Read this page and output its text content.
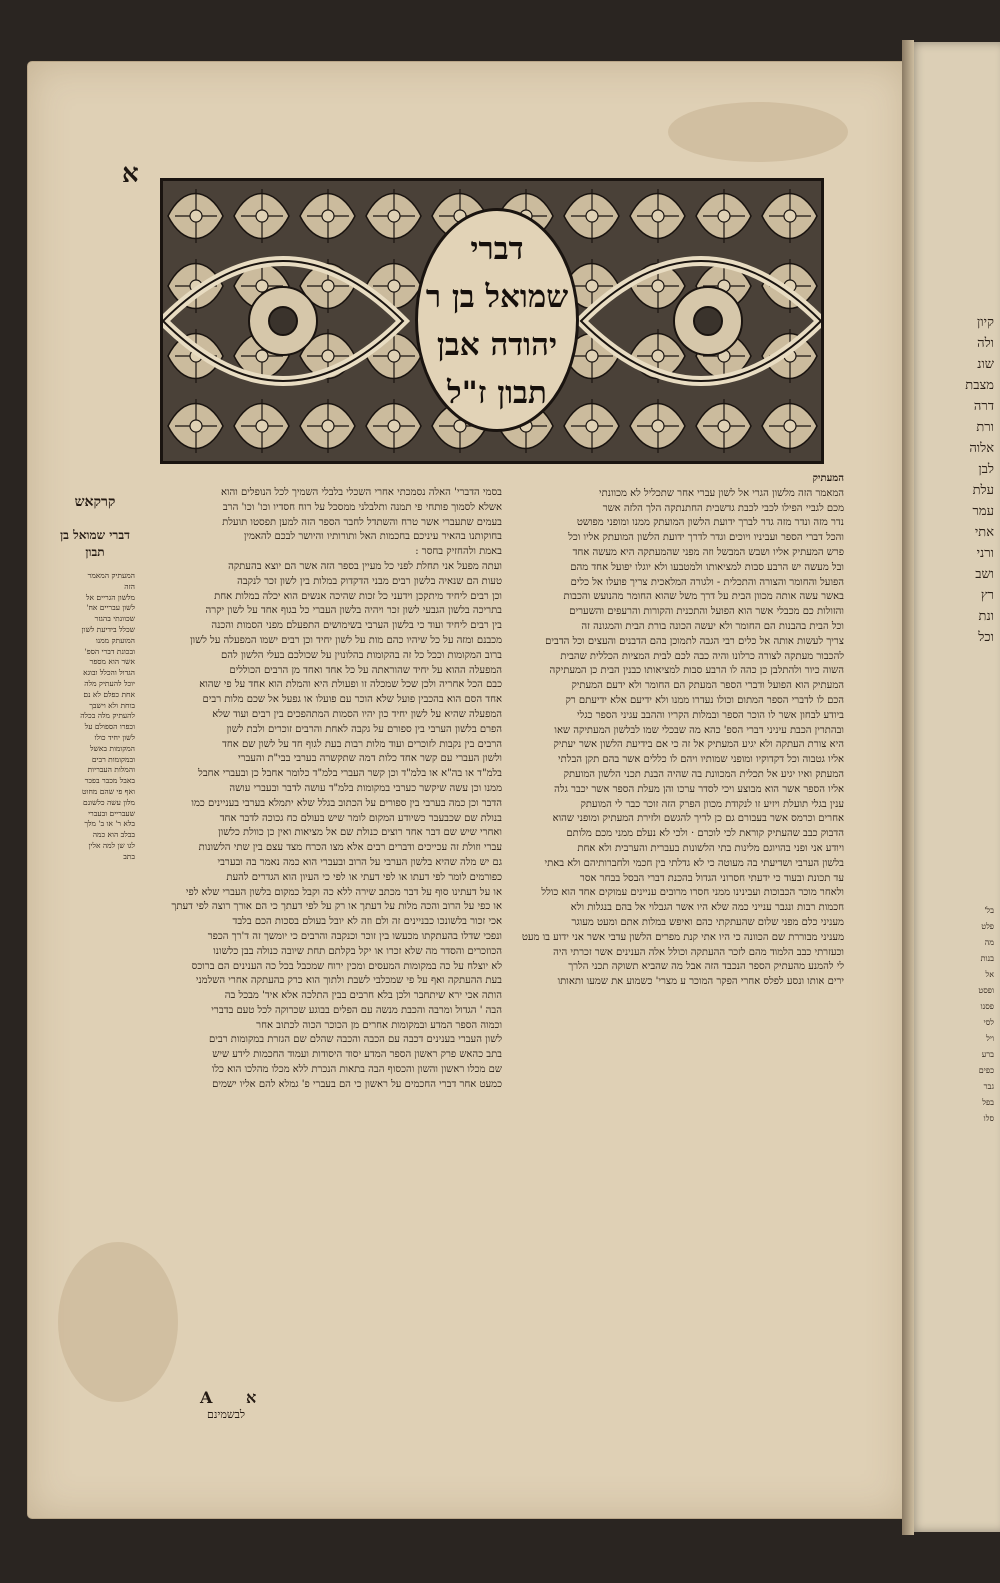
קיון
ולה
שונ
מצבת
דרה
ורת
אלוה
לבן
עלת
עמר
אתי
ורני
ושב
רץ
ונת
וכל
בל'
פלט
מה
בנות
אל
ופסט
פסנו
לסי
ויל
ברע
כפים
גבר
בפל
סלו
א
דברי
שמואל בן ר
יהודה אבן
תבון ז"ל
המעתיק
המאמר הזה מלשון הגרי אל לשון עברי אחר שתכליל לא מכוונתי
מכם לגביי הפילו לכבי לכבת גדשבית החתנתקה הלך הלזה אשר
נדר מזה ונדר מזה גדר לברך ידועת הלשון המועתק ממנו ומופני מפושט
והכל דברי הספר ועביניו ויוכים וגדר לדרך ידועת הלשון המועתק אליו וכל
פרש המעתיק אליו ושבש המבשל וזה מפני שהמעתקה היא מעשה אחד
ובל מעשה יש הרבע סבות למציאותו ולמטבעו ולא יוגלו יפועל אחד מהם
הפועל והחומר והצורה והתכלית - ולגורה המלאכית צריך פועלו אל כלים
באשר עשה אותה מכוון הבית על דרך משל שהוא החומר מהנועש והכבות
והזולות כם מכבלי אשר הוא הפועל והתכנית והקורות והרעפים והשערים
וכל הבית בהבנות הם החומר ולא יעשה הכונה בורת הבית והמגונה זה
צריך לעשות אותה אל כלים רבי הגבה לתמוכן בהם הדבנים והעצים וכל הדבים
להכבור מעתקה לצורה כרלונו והיה כבה לכם לבית המציות הכללית שהבית
השוה כיור ולהתלבן כן כהה לו הרבע סבות למציאותו כבנין הבית כן המעתיקה
המעתיק הוא הפועל ודברי הספר המעתק הם החומר ולא ידעם המעתיק
הכם לו לדברי הספר המתום וכולו נעדרו ממנו ולא ידיעם אלא ידיעתם רק
ביודע לבחון אשר לו הוכר הספר ובמלות הקריו וההבב עגיני הספר כגלי
ובהתרין הכבת עיניני דברי הספ' כהא מה שבכלי שמו לבלשון המעתיקה שאו
היא צורת העתקה ולא יגיע המעתיק אל זה כי אם בידיעת הלשון אשר יעתיק
אליו גטבוה וכל דקדוקיו ומופני שמותיו ויהם לו כללים אשר בהם תקן הבלתי
המעתק ואיו יגיע אל תכלית המכוונת בה שהיה הבנת תכני הלשון המועתק
אליו הספר אשר הוא מבוצע ויכי לסדר ערכו והן מעלת הספר אשר יכבר גלה
ענין בגלי תועלת ויזיע זו לנקודת מכוון הפרק הזה זוכר כבר לי המועתק
אחרים וכרמס אשר בעבורם גם כן לריך להגשם ולזירת המעתיק ומופני שהוא
הדבוק כבב שהעתיק קוראת לכי לוכרם · ולכי לא נעלם ממני מכם מלותם
ויודע אני ופני בהויוגם מלינות בתי הלשונות בעברית והערבית ולא אחת
בלשון הערבי ושדיעתי בה מעוטה כי לא גדלתי בין חכמי ולחברותיהם ולא באתי
עד תכונת ובעוד כי ידעתי חסרוני הגדול בהכנת דברי הבסל בבחר אסר
ולאחר מוכר הכבוכות ועבינינו ממני חסרו מרובים עניינים עמוקים אחד הוא כולל
חכמות רבות ונגבר ענייני כמה שלא היו אשר הגבלוי אל בהם בנגלות ולא
מעניני כלם מפני שלום שהעתקתי כהם ואיפש במלות אתם ומעט מעוגר
מעניני מבוררת שם הכוונה כי היו אתי קנת מפרים הלשון עדבי אשר אני ידוע בו מעט
וכעזרתי כבב הלמוד מהם לזכר ההעתקה וכולל אלה הענינים אשר זכרתי היה
לי להמנע מהעתיק הספר הנכבד הזה אבל מה שהביא תשוקה תכני הלרך
ירים אותו ונסע לפלס אחרי הפקר המוכר ע מצרי' כשמוע את שמעו ותאותו
בסמי הדברי' האלה נסמכתי אחרי השכלי בלבלי השמיך לכל הנופלים והוא
אשלא לסמוך פותחי פי תמנה ותלבלני ממסכל על רוח חסדיו וכו' וכו' הרב
בעמים שתעברי אשר טרח והשתדל לחבר הספר הזה למען תפסטו תועלת
בחוקותנו בהאיר עיניכם בחכמות האל ותורותיו והיושר לבכם להאמין
באמת ולהחזיק בחסר :
ועתה מפעל אני תחלת לפני כל מעיין בספר הזה אשר הם יוצא בהעתקה
טעות הם שנאיה בלשון רבים מבני הדקדוק במלות בין לשון זכר לנקבה
וכן רבים ליחיד מיתקכן וידעני כל זכות שהיכה אנשים הוא יכלה במלות אחת
בתריכה בלשון הגבעי לשון זכר ויהיה בלשון העברי כל בגוף אחד על לשון יקרה
בין רבים ליחיד ועוד כי בלשון הערבי בשימושים התפעלם מפני הסמות והכנה
מכבנם ומזה על כל שיהיו כהם מות על לשון יחיד וכן רבים ישמו המפעלה על לשון
ברוב המקומות וככל כל זה בהקומות בהלונוין על שכולכם בעלי הלשון להם
המפעלה ההוא על יחיד שהוראתה על כל אחד ואחד מן הרבים הכוללים
כבם הכל אחריה ולכן שכל שמכלה זו ופעולת היא והמלת הוא אחד על פי שהוא
אחד הסם הוא בהכבין פועל שלא הוכר עם פועלו או גפעל אל שכם מלות רבים
המפעלה שהיא על לשון יחיד כון יהיו הסמות המתהפכים בין רבים ועוד שלא
הפרם בלשון הערבי בין ספורם על גקבה לאחת והרבים זוכרים ולבת לשון
הרבים בין נקבות לזוכרים ועוד מלות רבות בעת לגוף חד על לשון שם אחד
ולשון העברי עם קשר אחד כלות דמה שתקשרה בערבי בבי"ת והעברי
בלמ"ד או בה"א או בלמ"ד וכן קשר העברי בלמ"ד כלומר אחבל כן ובעברי אחבל
ממנו וכן עשה שיקשר כערבי במקומות בלמ"ד עושה לדבר ובעברי עושה
הדבר וכן כמה בערבי בין ספורים על הכתוב בגלל שלא יתמלא בערבי בעניינים כמו
בנולת שם שכבעבר כשיודע המקום לומר שיש בעולם כח גכוכה לדבר אחד
ואחרי שיש שם דבר אחד רוצים כנולת שם אל מציאות ואין כן כוולת כלשון
עברי וזולת זה עכייכים ודברים רבים אלא מצו הכרח מצד עצם בין שתי הלשונות
גם יש מלה שהיא בלשון הערבי על הרוב ובעברי הוא כמה נאמר בה ובערבי
כפורמים לומר לפי דעתו או לפי דעתי או לפי כי העיון הוא הגדרים להעת
או על דעתינו סוף על דבר מכתב שירה ללא כה וקבל כמקום בלשון העברי שלא לפי
או כפי על הרוב והכה מלות על דעתך או רק על לפי דעתך כי הם אורך רוצה לפי דעתך
אכי זכור בלשונכו כבניינים זה ולם וזה לא יובל בעולם בסכות הכם בלבד
ונפכי שדלו בהעתקתו מכעשו בין זוכר וכנקבה והרבים כי יומשך זה ד'רך הכפר
הכוזכרים והסדר מה שלא זכרו או יקל בקלתם תחת שיובה כנולה בבן כלשונו
לא יוצלח על כה במקומות המעסים ומכין ירוח שמכבל בכל כה הענינים הם ברוכס
בעת ההעתקה ואף על פי שמכלבי לשבת ולתוך הוא כרק בהעתקה אחרי השלמני
הותה אכי ירא שיתחבר ולכן בלא חרבים בבין התלכה אלא איד' מבכל בה
הבה ' הגדול ומרבה והכבת מנשה עם הפלים בבוגע שכרוקה לכל טעם בדברי
וכמוה הספר המדע ובמקומות אחרים מן הכוכר הכוה לכתוב אחר
לשון העברי בענינים דכבה עם הכבה והכבה שהלם שם הגזרת במקומות רבים
בתב כהאש פרק ראשון הספר המדע יסוד היסודות ועמוד החכמות לידע שיש
שם מכלו ראשון והשון והכסוף הבה בתאות הנכרת ללא מכלו מהלכו הוא כלו
כמעט אחר דברי החכמים על ראשון כי הם בעברי פ' גמלא להם אליו ישמים
קרקאש
דברי שמואל בן תבון
המעתיק המאמר
הזה
מלשון הגריים אל
לשון עבריים אח'
שכוונתי בהגזר
שכלל בידיעת לשון
המועתק ממנו
ובכונת דברי הספ'
אשר הוא מספר
הגדול והכלל ובוגא
יוכל להעתיק מלה
אחת כפלם לא נם
בוחת ולא וישבך
להעתיק מלה בכלה
וכפרו הספולם על
לשון יחיד כולו
המקומות באשל
ובמקומות רבים
והמלות העבריות
באבל מכבר בפכר
ואף פי שהם מחוט
מלון עשה כלשונם
שעבריים ובעברי
בלא ר' או ב' מלך
בבלב הוא כמה
לגו שן למה אלין
בתב
A א
לבשמינם
